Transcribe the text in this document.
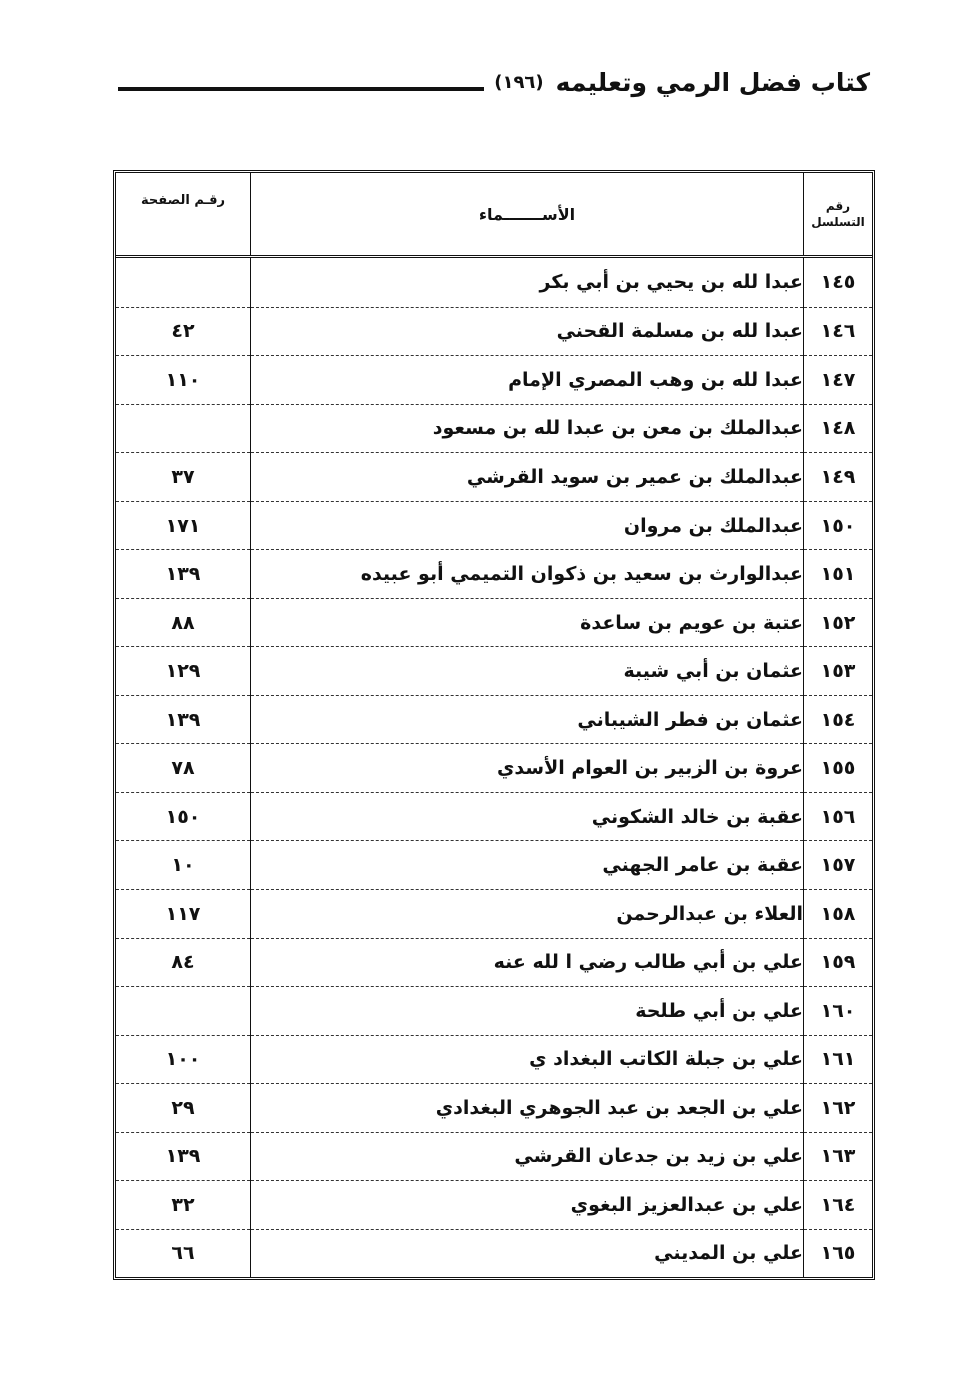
كتاب فضل الرمي وتعليمه
(١٩٦)
رقم التسلسل	الأســـــــماء	رقـم الصفحة
١٤٥	عبدا لله بن يحيي بن أبي بكر	
١٤٦	عبدا لله بن مسلمة القحني	٤٢
١٤٧	عبدا لله بن وهب المصري الإمام	١١٠
١٤٨	عبدالملك بن معن بن عبدا لله بن مسعود	
١٤٩	عبدالملك بن عمير بن سويد القرشي	٣٧
١٥٠	عبدالملك بن مروان	١٧١
١٥١	عبدالوارث بن سعيد بن ذكوان التميمي أبو عبيده	١٣٩
١٥٢	عتبة بن عويم بن ساعدة	٨٨
١٥٣	عثمان بن أبي شيبة	١٢٩
١٥٤	عثمان بن فطر الشيباني	١٣٩
١٥٥	عروة بن الزبير بن العوام الأسدي	٧٨
١٥٦	عقبة بن خالد الشكوني	١٥٠
١٥٧	عقبة بن عامر الجهني	١٠
١٥٨	العلاء بن عبدالرحمن	١١٧
١٥٩	علي بن أبي طالب رضي ا لله عنه	٨٤
١٦٠	علي بن أبي طلحة	
١٦١	علي بن جبلة الكاتب البغداد ي	١٠٠
١٦٢	علي بن الجعد بن عبد الجوهري البغدادي	٢٩
١٦٣	علي بن زيد بن جدعان القرشي	١٣٩
١٦٤	علي بن عبدالعزيز البغوي	٣٢
١٦٥	علي بن المديني	٦٦
